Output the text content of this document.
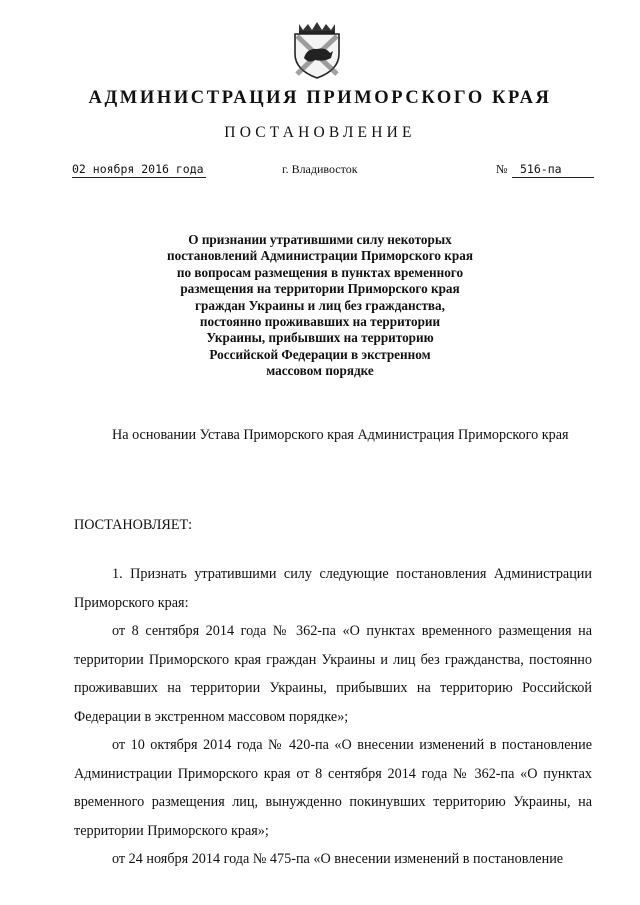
АДМИНИСТРАЦИЯ ПРИМОРСКОГО КРАЯ
ПОСТАНОВЛЕНИЕ
02 ноября 2016 года	г. Владивосток	№	516-па
О признании утратившими силу некоторых
постановлений Администрации Приморского края
по вопросам размещения в пунктах временного
размещения на территории Приморского края
граждан Украины и лиц без гражданства,
постоянно проживавших на территории
Украины, прибывших на территорию
Российской Федерации в экстренном
массовом порядке

На основании Устава Приморского края Администрация Приморского края

ПОСТАНОВЛЯЕТ:

1. Признать утратившими силу следующие постановления Администрации Приморского края:

от 8 сентября 2014 года № 362-па «О пунктах временного размещения на территории Приморского края граждан Украины и лиц без гражданства, постоянно проживавших на территории Украины, прибывших на территорию Российской Федерации в экстренном массовом порядке»;

от 10 октября 2014 года № 420-па «О внесении изменений в постановление Администрации Приморского края от 8 сентября 2014 года № 362-па «О пунктах временного размещения лиц, вынужденно покинувших территорию Украины, на территории Приморского края»;

от 24 ноября 2014 года № 475-па «О внесении изменений в постановление
